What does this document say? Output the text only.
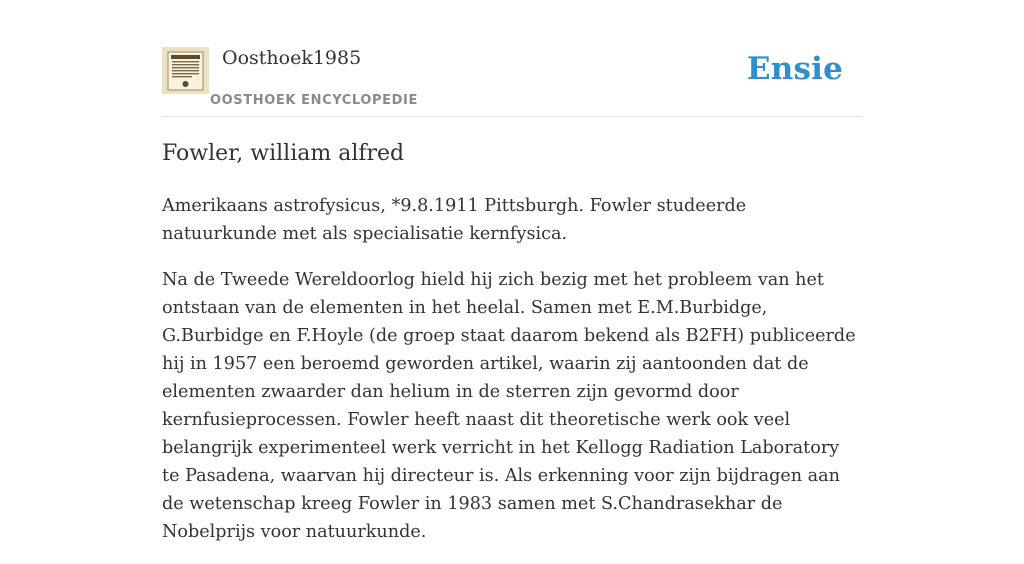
Oosthoek1985
OOSTHOEK ENCYCLOPEDIE
Ensie
Fowler, william alfred

Amerikaans astrofysicus, *9.8.1911 Pittsburgh. Fowler studeerde natuurkunde met als specialisatie kernfysica.

Na de Tweede Wereldoorlog hield hij zich bezig met het probleem van het ontstaan van de elementen in het heelal. Samen met E.M.Burbidge, G.Burbidge en F.Hoyle (de groep staat daarom bekend als B2FH) publiceerde hij in 1957 een beroemd geworden artikel, waarin zij aantoonden dat de elementen zwaarder dan helium in de sterren zijn gevormd door kernfusieprocessen. Fowler heeft naast dit theoretische werk ook veel belangrijk experimenteel werk verricht in het Kellogg Radiation Laboratory te Pasadena, waarvan hij directeur is. Als erkenning voor zijn bijdragen aan de wetenschap kreeg Fowler in 1983 samen met S.Chandrasekhar de Nobelprijs voor natuurkunde.
